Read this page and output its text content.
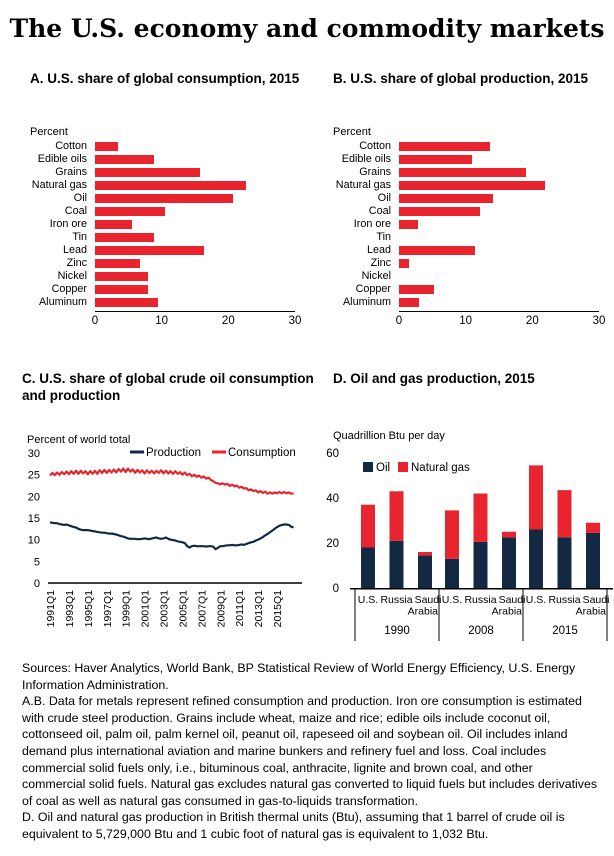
The U.S. economy and commodity markets
A. U.S. share of global consumption, 2015
Percent
Cotton
Edible oils
Grains
Natural gas
Oil
Coal
Iron ore
Tin
Lead
Zinc
Nickel
Copper
Aluminum
0	10	20	30
B. U.S. share of global production, 2015
Percent
Cotton
Edible oils
Grains
Natural gas
Oil
Coal
Iron ore
Tin
Lead
Zinc
Nickel
Copper
Aluminum
0	10	20	30
C. U.S. share of global crude oil consumption and production
Percent of world total
0
5
10
15
20
25
30
1991Q1 1993Q1 1995Q1 1997Q1 1999Q1 2001Q1 2003Q1 2005Q1 2007Q1 2009Q1 2011Q1 2013Q1 2015Q1
Production Consumption
D. Oil and gas production, 2015
Quadrillion Btu per day
0
20
40
60
Oil Natural gas
U.S. Russia Saudi
Arabia
1990
U.S. Russia Saudi
Arabia
2008
U.S. Russia Saudi
Arabia
2015

Sources: Haver Analytics, World Bank, BP Statistical Review of World Energy Efficiency, U.S. Energy Information Administration.

A.B. Data for metals represent refined consumption and production. Iron ore consumption is estimated with crude steel production. Grains include wheat, maize and rice; edible oils include coconut oil, cottonseed oil, palm oil, palm kernel oil, peanut oil, rapeseed oil and soybean oil. Oil includes inland demand plus international aviation and marine bunkers and refinery fuel and loss. Coal includes commercial solid fuels only, i.e., bituminous coal, anthracite, lignite and brown coal, and other commercial solid fuels. Natural gas excludes natural gas converted to liquid fuels but includes derivatives of coal as well as natural gas consumed in gas-to-liquids transformation.

D. Oil and natural gas production in British thermal units (Btu), assuming that 1 barrel of crude oil is equivalent to 5,729,000 Btu and 1 cubic foot of natural gas is equivalent to 1,032 Btu.
